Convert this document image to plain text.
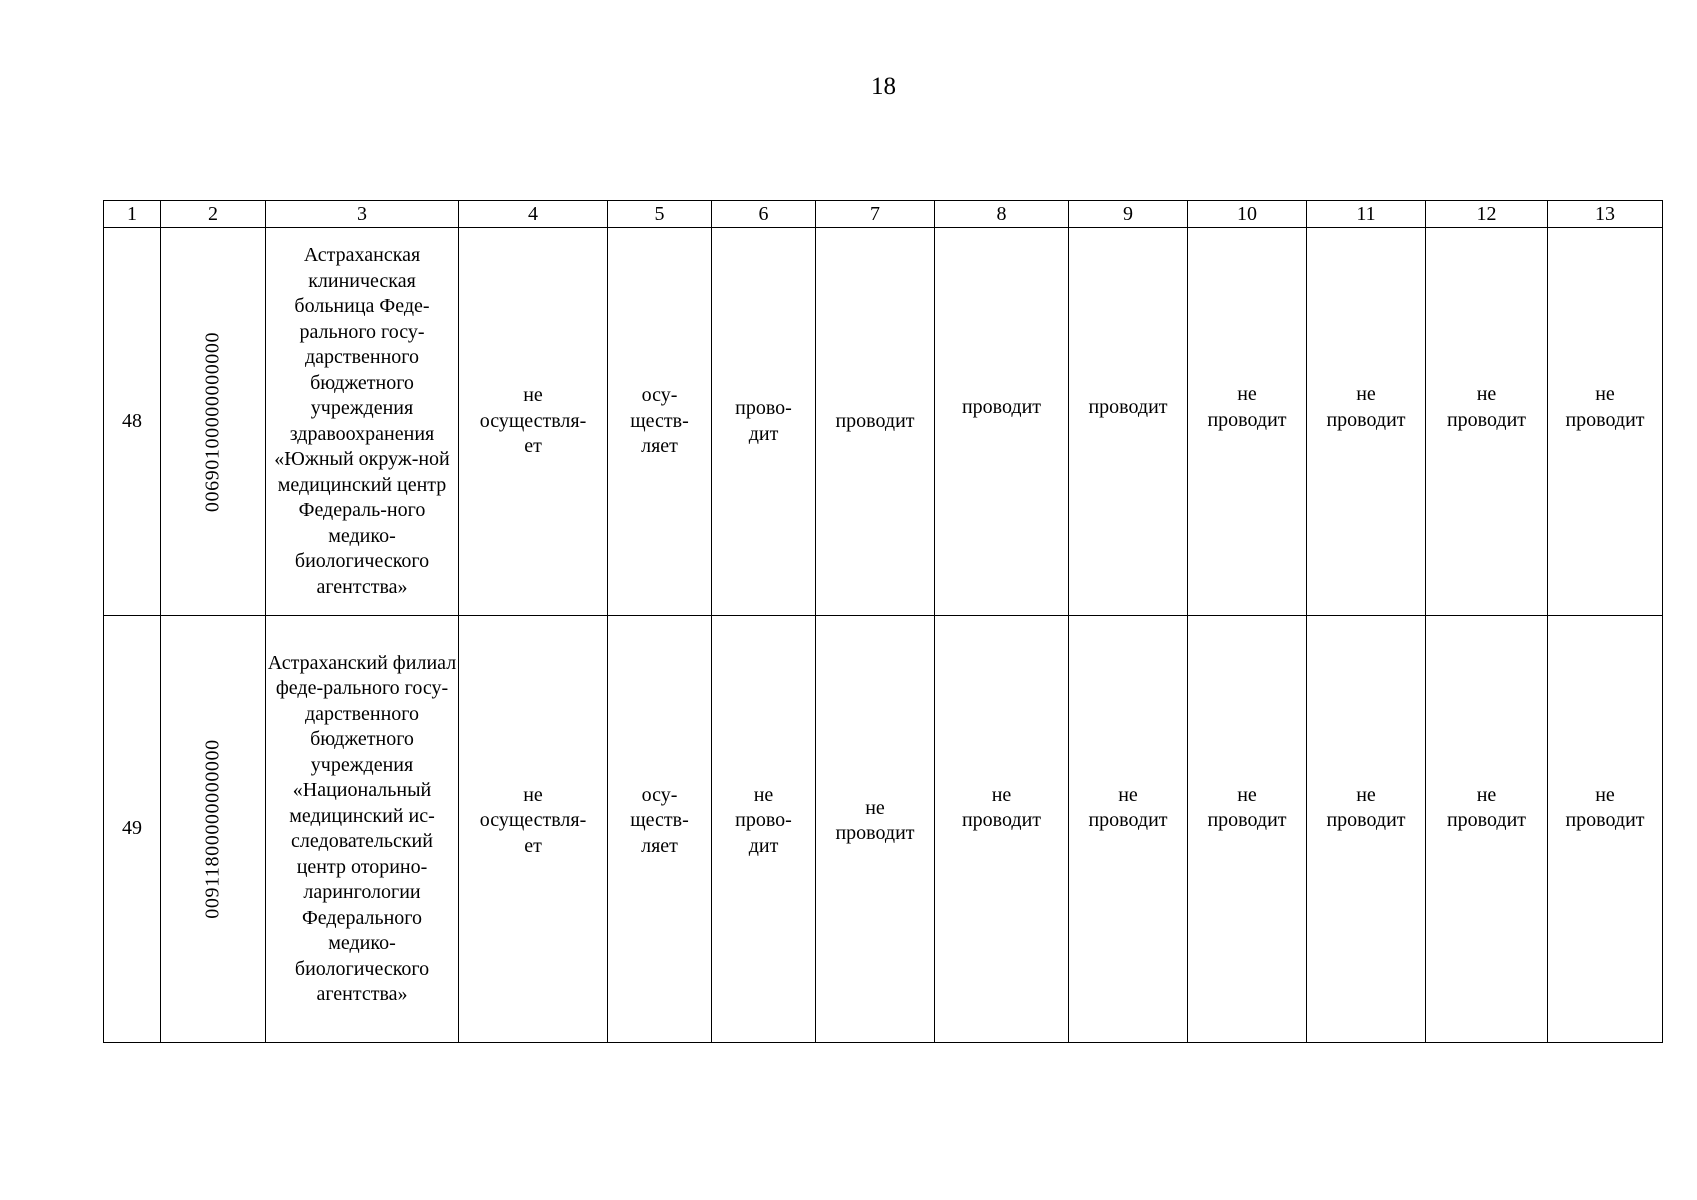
18
1	2	3	4	5	6	7	8	9	10	11	12	13
48	00690100000000000	Астраханская клиническая больница Феде-рального госу-дарственного бюджетного учреждения здравоохранения «Южный окруж-ной медицинский центр Федераль-ного медико-биологического агентства»	не осуществля-ет	осу-ществ-ляет	прово-дит	проводит	проводит	проводит	не проводит	не проводит	не проводит	не проводит
49	00911800000000000	Астраханский филиал феде-рального госу-дарственного бюджетного учреждения «Национальный медицинский ис-следовательский центр оторино-ларингологии Федерального медико-биологического агентства»	не осуществля-ет	осу-ществ-ляет	не прово-дит	не проводит	не проводит	не проводит	не проводит	не проводит	не проводит	не проводит
